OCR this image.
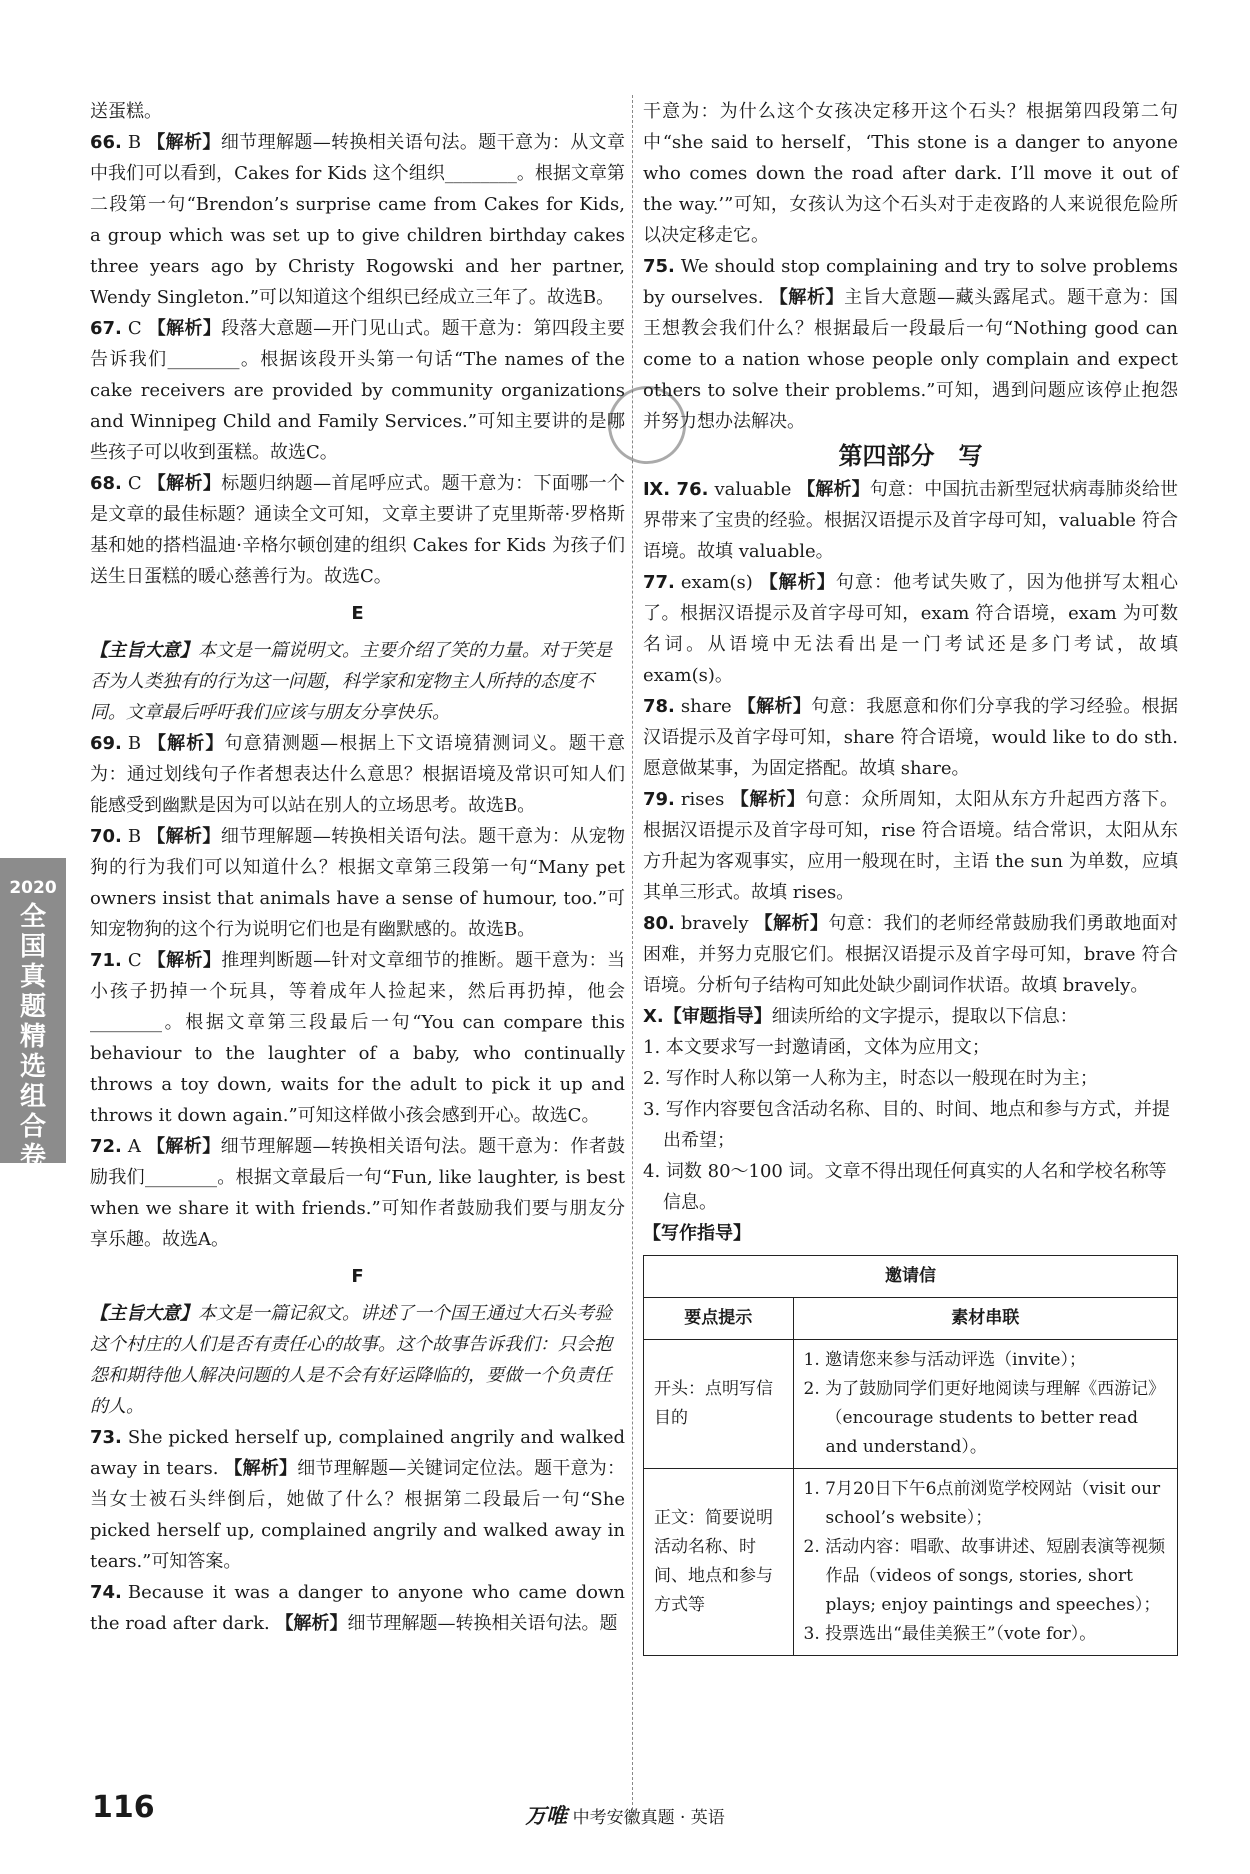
2020
全国真题精选组合卷

送蛋糕。

66. B 【解析】细节理解题—转换相关语句法。题干意为：从文章中我们可以看到，Cakes for Kids 这个组织________。根据文章第二段第一句“Brendon’s surprise came from Cakes for Kids, a group which was set up to give children birthday cakes three years ago by Christy Rogowski and her partner, Wendy Singleton.”可以知道这个组织已经成立三年了。故选B。

67. C 【解析】段落大意题—开门见山式。题干意为：第四段主要告诉我们________。根据该段开头第一句话“The names of the cake receivers are provided by community organizations and Winnipeg Child and Family Services.”可知主要讲的是哪些孩子可以收到蛋糕。故选C。

68. C 【解析】标题归纳题—首尾呼应式。题干意为：下面哪一个是文章的最佳标题？通读全文可知，文章主要讲了克里斯蒂·罗格斯基和她的搭档温迪·辛格尔顿创建的组织 Cakes for Kids 为孩子们送生日蛋糕的暖心慈善行为。故选C。

E

【主旨大意】本文是一篇说明文。主要介绍了笑的力量。对于笑是否为人类独有的行为这一问题，科学家和宠物主人所持的态度不同。文章最后呼吁我们应该与朋友分享快乐。

69. B 【解析】句意猜测题—根据上下文语境猜测词义。题干意为：通过划线句子作者想表达什么意思？根据语境及常识可知人们能感受到幽默是因为可以站在别人的立场思考。故选B。

70. B 【解析】细节理解题—转换相关语句法。题干意为：从宠物狗的行为我们可以知道什么？根据文章第三段第一句“Many pet owners insist that animals have a sense of humour, too.”可知宠物狗的这个行为说明它们也是有幽默感的。故选B。

71. C 【解析】推理判断题—针对文章细节的推断。题干意为：当小孩子扔掉一个玩具，等着成年人捡起来，然后再扔掉，他会________。根据文章第三段最后一句“You can compare this behaviour to the laughter of a baby, who continually throws a toy down, waits for the adult to pick it up and throws it down again.”可知这样做小孩会感到开心。故选C。

72. A 【解析】细节理解题—转换相关语句法。题干意为：作者鼓励我们________。根据文章最后一句“Fun, like laughter, is best when we share it with friends.”可知作者鼓励我们要与朋友分享乐趣。故选A。

F

【主旨大意】本文是一篇记叙文。讲述了一个国王通过大石头考验这个村庄的人们是否有责任心的故事。这个故事告诉我们：只会抱怨和期待他人解决问题的人是不会有好运降临的，要做一个负责任的人。

73. She picked herself up, complained angrily and walked away in tears. 【解析】细节理解题—关键词定位法。题干意为：当女士被石头绊倒后，她做了什么？根据第二段最后一句“She picked herself up, complained angrily and walked away in tears.”可知答案。

74. Because it was a danger to anyone who came down the road after dark. 【解析】细节理解题—转换相关语句法。题

干意为：为什么这个女孩决定移开这个石头？根据第四段第二句中“she said to herself，‘This stone is a danger to anyone who comes down the road after dark. I’ll move it out of the way.’”可知，女孩认为这个石头对于走夜路的人来说很危险所以决定移走它。

75. We should stop complaining and try to solve problems by ourselves. 【解析】主旨大意题—藏头露尾式。题干意为：国王想教会我们什么？根据最后一段最后一句“Nothing good can come to a nation whose people only complain and expect others to solve their problems.”可知，遇到问题应该停止抱怨并努力想办法解决。

第四部分　写

Ⅸ. 76. valuable 【解析】句意：中国抗击新型冠状病毒肺炎给世界带来了宝贵的经验。根据汉语提示及首字母可知，valuable 符合语境。故填 valuable。

77. exam(s) 【解析】句意：他考试失败了，因为他拼写太粗心了。根据汉语提示及首字母可知，exam 符合语境，exam 为可数名词。从语境中无法看出是一门考试还是多门考试，故填 exam(s)。

78. share 【解析】句意：我愿意和你们分享我的学习经验。根据汉语提示及首字母可知，share 符合语境，would like to do sth. 愿意做某事，为固定搭配。故填 share。

79. rises 【解析】句意：众所周知，太阳从东方升起西方落下。根据汉语提示及首字母可知，rise 符合语境。结合常识，太阳从东方升起为客观事实，应用一般现在时，主语 the sun 为单数，应填其单三形式。故填 rises。

80. bravely 【解析】句意：我们的老师经常鼓励我们勇敢地面对困难，并努力克服它们。根据汉语提示及首字母可知，brave 符合语境。分析句子结构可知此处缺少副词作状语。故填 bravely。

Ⅹ.【审题指导】细读所给的文字提示，提取以下信息：

1. 本文要求写一封邀请函，文体为应用文；

2. 写作时人称以第一人称为主，时态以一般现在时为主；

3. 写作内容要包含活动名称、目的、时间、地点和参与方式，并提出希望；

4. 词数 80～100 词。文章不得出现任何真实的人名和学校名称等信息。

【写作指导】

邀请信	
要点提示	素材串联
开头：点明写信目的	1. 邀请您来参与活动评选（invite）；

2. 为了鼓励同学们更好地阅读与理解《西游记》（encourage students to better read and understand）。

正文：简要说明活动名称、时间、地点和参与方式等	1. 7月20日下午6点前浏览学校网站（visit our school’s website）；

2. 活动内容：唱歌、故事讲述、短剧表演等视频作品（videos of songs, stories, short plays; enjoy paintings and speeches）；

3. 投票选出“最佳美猴王”（vote for）。

116	万唯 中考安徽真题 · 英语
